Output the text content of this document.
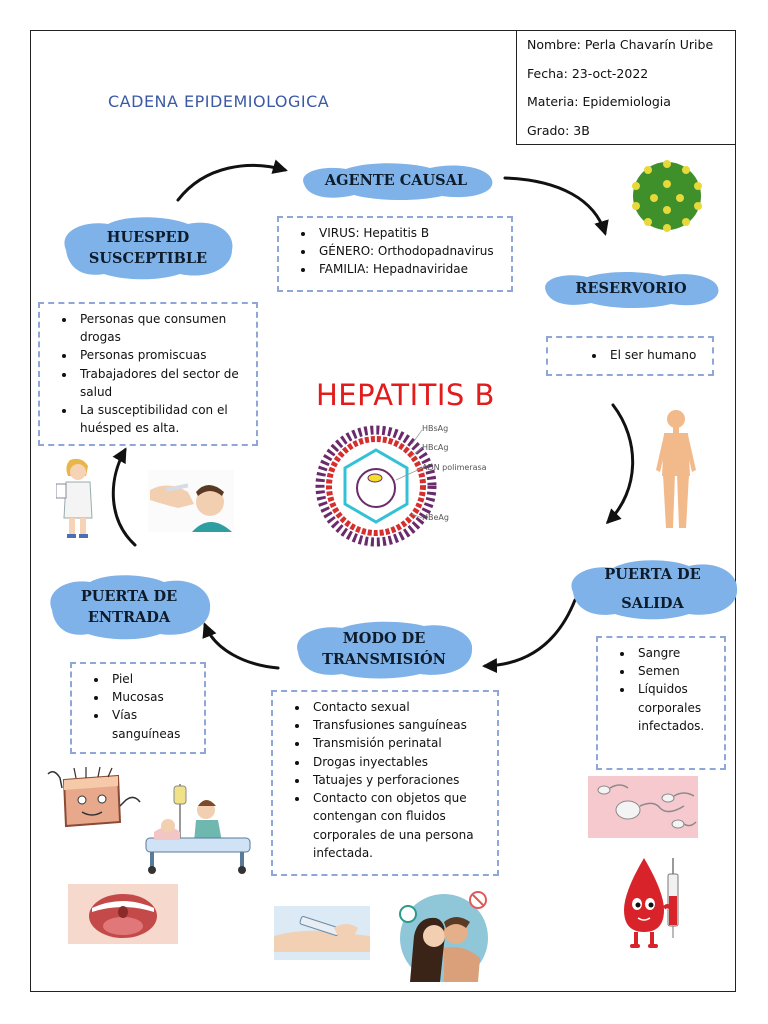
Nombre: Perla Chavarín Uribe
Fecha: 23-oct-2022
Materia: Epidemiologia
Grado: 3B
CADENA EPIDEMIOLOGICA
AGENTE CAUSAL
• VIRUS: Hepatitis B
• GÉNERO: Orthodopadnavirus
• FAMILIA: Hepadnaviridae
RESERVORIO
• El ser humano
PUERTA DE
SALIDA
• Sangre
• Semen
• Líquidos corporales infectados.
MODO DE
TRANSMISIÓN
• Contacto sexual
• Transfusiones sanguíneas
• Transmisión perinatal
• Drogas inyectables
• Tatuajes y perforaciones
• Contacto con objetos que contengan con fluidos corporales de una persona infectada.
PUERTA DE
ENTRADA
• Piel
• Mucosas
• Vías sanguíneas
HUESPED
SUSCEPTIBLE
• Personas que consumen drogas
• Personas promiscuas
• Trabajadores del sector de salud
• La susceptibilidad con el huésped es alta.
HEPATITIS B
HBsAg
HBcAg
ADN polimerasa
HBeAg
